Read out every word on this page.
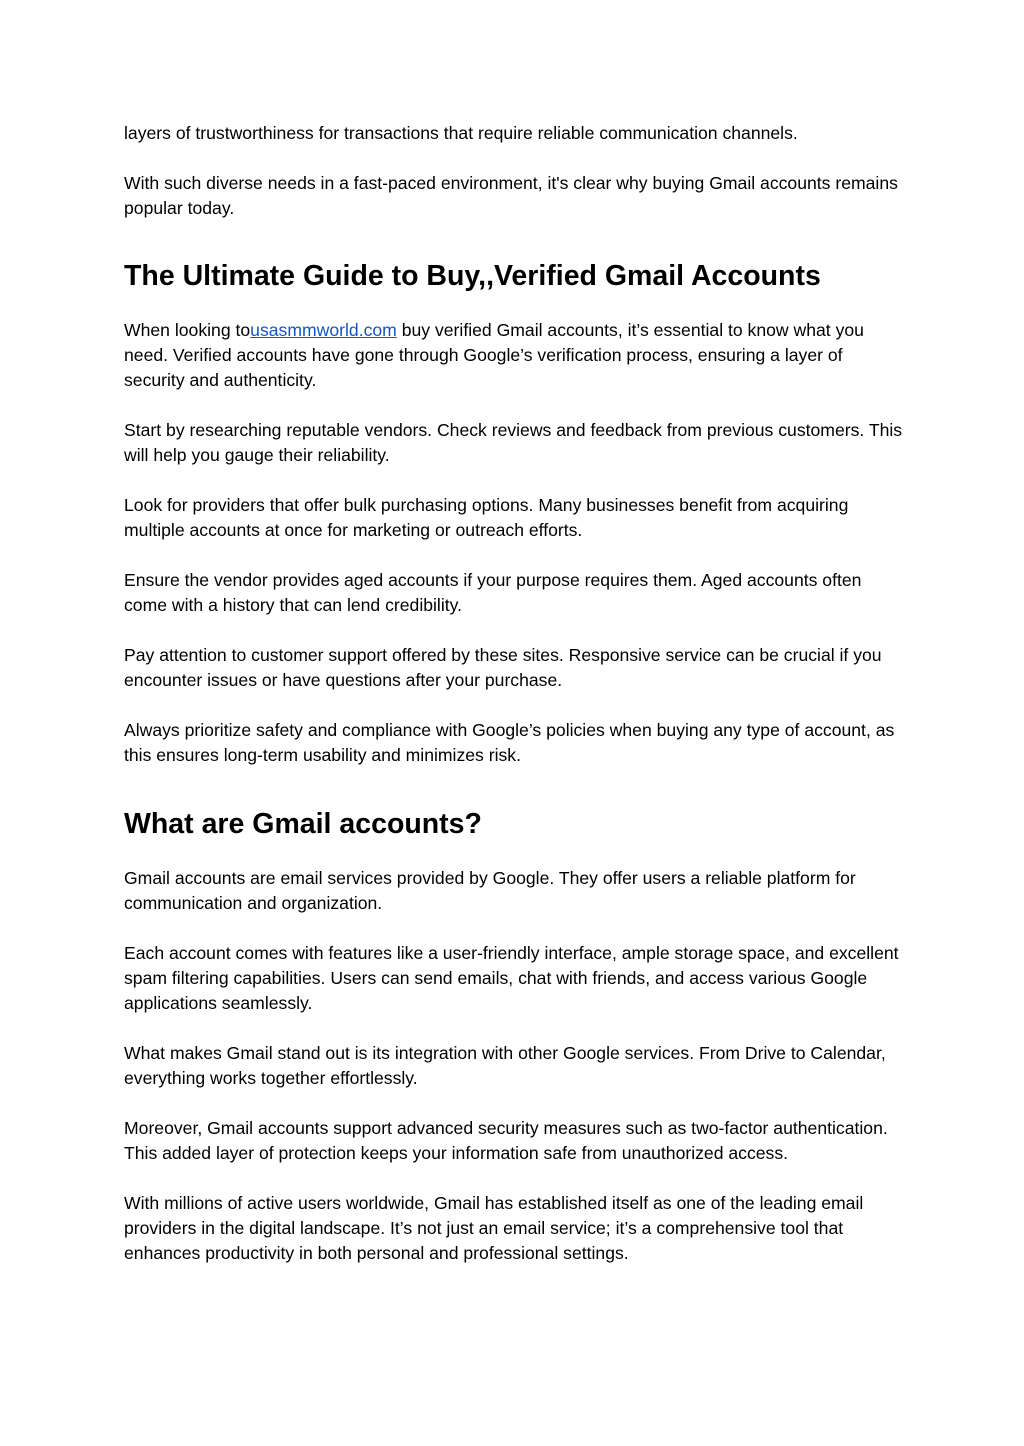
layers of trustworthiness for transactions that require reliable communication channels.

With such diverse needs in a fast-paced environment, it's clear why buying Gmail accounts remains popular today.

The Ultimate Guide to Buy,,Verified Gmail Accounts

When looking tousasmmworld.com buy verified Gmail accounts, it’s essential to know what you need. Verified accounts have gone through Google’s verification process, ensuring a layer of security and authenticity.

Start by researching reputable vendors. Check reviews and feedback from previous customers. This will help you gauge their reliability.

Look for providers that offer bulk purchasing options. Many businesses benefit from acquiring multiple accounts at once for marketing or outreach efforts.

Ensure the vendor provides aged accounts if your purpose requires them. Aged accounts often come with a history that can lend credibility.

Pay attention to customer support offered by these sites. Responsive service can be crucial if you encounter issues or have questions after your purchase.

Always prioritize safety and compliance with Google’s policies when buying any type of account, as this ensures long-term usability and minimizes risk.

What are Gmail accounts?

Gmail accounts are email services provided by Google. They offer users a reliable platform for communication and organization.

Each account comes with features like a user-friendly interface, ample storage space, and excellent spam filtering capabilities. Users can send emails, chat with friends, and access various Google applications seamlessly.

What makes Gmail stand out is its integration with other Google services. From Drive to Calendar, everything works together effortlessly.

Moreover, Gmail accounts support advanced security measures such as two-factor authentication. This added layer of protection keeps your information safe from unauthorized access.

With millions of active users worldwide, Gmail has established itself as one of the leading email providers in the digital landscape. It’s not just an email service; it’s a comprehensive tool that enhances productivity in both personal and professional settings.
